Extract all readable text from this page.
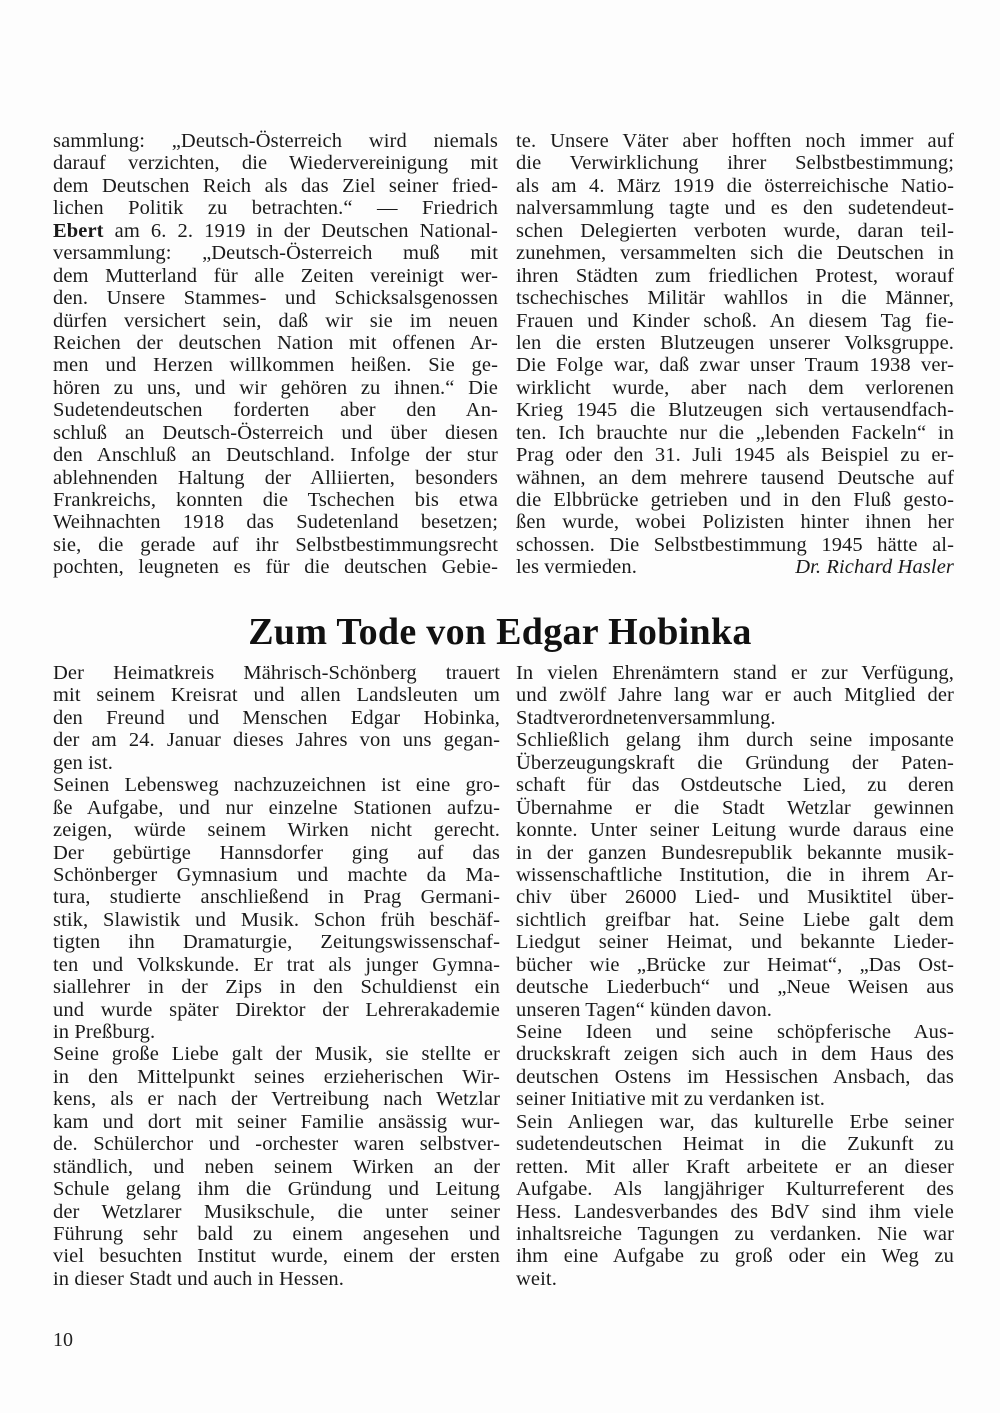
sammlung: „Deutsch-Österreich wird niemals
darauf verzichten, die Wiedervereinigung mit
dem Deutschen Reich als das Ziel seiner fried-
lichen Politik zu betrachten.“ — Friedrich
Ebert am 6. 2. 1919 in der Deutschen National-
versammlung: „Deutsch-Österreich muß mit
dem Mutterland für alle Zeiten vereinigt wer-
den. Unsere Stammes- und Schicksalsgenossen
dürfen versichert sein, daß wir sie im neuen
Reichen der deutschen Nation mit offenen Ar-
men und Herzen willkommen heißen. Sie ge-
hören zu uns, und wir gehören zu ihnen.“ Die
Sudetendeutschen forderten aber den An-
schluß an Deutsch-Österreich und über diesen
den Anschluß an Deutschland. Infolge der stur
ablehnenden Haltung der Alliierten, besonders
Frankreichs, konnten die Tschechen bis etwa
Weihnachten 1918 das Sudetenland besetzen;
sie, die gerade auf ihr Selbstbestimmungsrecht
pochten, leugneten es für die deutschen Gebie-
te. Unsere Väter aber hofften noch immer auf
die Verwirklichung ihrer Selbstbestimmung;
als am 4. März 1919 die österreichische Natio-
nalversammlung tagte und es den sudetendeut-
schen Delegierten verboten wurde, daran teil-
zunehmen, versammelten sich die Deutschen in
ihren Städten zum friedlichen Protest, worauf
tschechisches Militär wahllos in die Männer,
Frauen und Kinder schoß. An diesem Tag fie-
len die ersten Blutzeugen unserer Volksgruppe.
Die Folge war, daß zwar unser Traum 1938 ver-
wirklicht wurde, aber nach dem verlorenen
Krieg 1945 die Blutzeugen sich vertausendfach-
ten. Ich brauchte nur die „lebenden Fackeln“ in
Prag oder den 31. Juli 1945 als Beispiel zu er-
wähnen, an dem mehrere tausend Deutsche auf
die Elbbrücke getrieben und in den Fluß gesto-
ßen wurde, wobei Polizisten hinter ihnen her
schossen. Die Selbstbestimmung 1945 hätte al-
les vermieden.	Dr. Richard Hasler
Zum Tode von Edgar Hobinka
Der Heimatkreis Mährisch-Schönberg trauert
mit seinem Kreisrat und allen Landsleuten um
den Freund und Menschen Edgar Hobinka,
der am 24. Januar dieses Jahres von uns gegan-
gen ist.
Seinen Lebensweg nachzuzeichnen ist eine gro-
ße Aufgabe, und nur einzelne Stationen aufzu-
zeigen, würde seinem Wirken nicht gerecht.
Der gebürtige Hannsdorfer ging auf das
Schönberger Gymnasium und machte da Ma-
tura, studierte anschließend in Prag Germani-
stik, Slawistik und Musik. Schon früh beschäf-
tigten ihn Dramaturgie, Zeitungswissenschaf-
ten und Volkskunde. Er trat als junger Gymna-
siallehrer in der Zips in den Schuldienst ein
und wurde später Direktor der Lehrerakademie
in Preßburg.
Seine große Liebe galt der Musik, sie stellte er
in den Mittelpunkt seines erzieherischen Wir-
kens, als er nach der Vertreibung nach Wetzlar
kam und dort mit seiner Familie ansässig wur-
de. Schülerchor und -orchester waren selbstver-
ständlich, und neben seinem Wirken an der
Schule gelang ihm die Gründung und Leitung
der Wetzlarer Musikschule, die unter seiner
Führung sehr bald zu einem angesehen und
viel besuchten Institut wurde, einem der ersten
in dieser Stadt und auch in Hessen.
In vielen Ehrenämtern stand er zur Verfügung,
und zwölf Jahre lang war er auch Mitglied der
Stadtverordnetenversammlung.
Schließlich gelang ihm durch seine imposante
Überzeugungskraft die Gründung der Paten-
schaft für das Ostdeutsche Lied, zu deren
Übernahme er die Stadt Wetzlar gewinnen
konnte. Unter seiner Leitung wurde daraus eine
in der ganzen Bundesrepublik bekannte musik-
wissenschaftliche Institution, die in ihrem Ar-
chiv über 26000 Lied- und Musiktitel über-
sichtlich greifbar hat. Seine Liebe galt dem
Liedgut seiner Heimat, und bekannte Lieder-
bücher wie „Brücke zur Heimat“, „Das Ost-
deutsche Liederbuch“ und „Neue Weisen aus
unseren Tagen“ künden davon.
Seine Ideen und seine schöpferische Aus-
druckskraft zeigen sich auch in dem Haus des
deutschen Ostens im Hessischen Ansbach, das
seiner Initiative mit zu verdanken ist.
Sein Anliegen war, das kulturelle Erbe seiner
sudetendeutschen Heimat in die Zukunft zu
retten. Mit aller Kraft arbeitete er an dieser
Aufgabe. Als langjähriger Kulturreferent des
Hess. Landesverbandes des BdV sind ihm viele
inhaltsreiche Tagungen zu verdanken. Nie war
ihm eine Aufgabe zu groß oder ein Weg zu
weit.
10
